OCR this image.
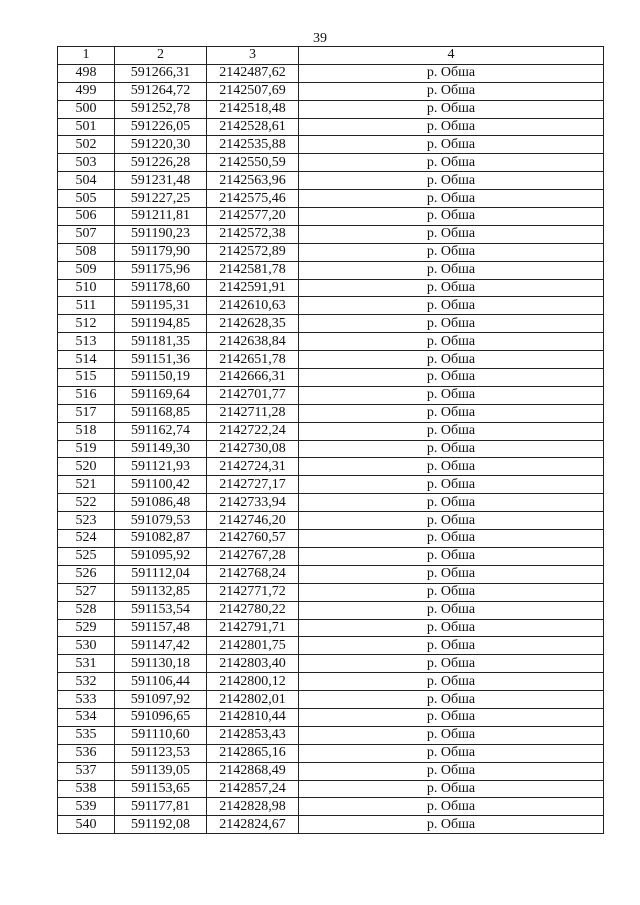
39
1	2	3	4
498	591266,31	2142487,62	р. Обша
499	591264,72	2142507,69	р. Обша
500	591252,78	2142518,48	р. Обша
501	591226,05	2142528,61	р. Обша
502	591220,30	2142535,88	р. Обша
503	591226,28	2142550,59	р. Обша
504	591231,48	2142563,96	р. Обша
505	591227,25	2142575,46	р. Обша
506	591211,81	2142577,20	р. Обша
507	591190,23	2142572,38	р. Обша
508	591179,90	2142572,89	р. Обша
509	591175,96	2142581,78	р. Обша
510	591178,60	2142591,91	р. Обша
511	591195,31	2142610,63	р. Обша
512	591194,85	2142628,35	р. Обша
513	591181,35	2142638,84	р. Обша
514	591151,36	2142651,78	р. Обша
515	591150,19	2142666,31	р. Обша
516	591169,64	2142701,77	р. Обша
517	591168,85	2142711,28	р. Обша
518	591162,74	2142722,24	р. Обша
519	591149,30	2142730,08	р. Обша
520	591121,93	2142724,31	р. Обша
521	591100,42	2142727,17	р. Обша
522	591086,48	2142733,94	р. Обша
523	591079,53	2142746,20	р. Обша
524	591082,87	2142760,57	р. Обша
525	591095,92	2142767,28	р. Обша
526	591112,04	2142768,24	р. Обша
527	591132,85	2142771,72	р. Обша
528	591153,54	2142780,22	р. Обша
529	591157,48	2142791,71	р. Обша
530	591147,42	2142801,75	р. Обша
531	591130,18	2142803,40	р. Обша
532	591106,44	2142800,12	р. Обша
533	591097,92	2142802,01	р. Обша
534	591096,65	2142810,44	р. Обша
535	591110,60	2142853,43	р. Обша
536	591123,53	2142865,16	р. Обша
537	591139,05	2142868,49	р. Обша
538	591153,65	2142857,24	р. Обша
539	591177,81	2142828,98	р. Обша
540	591192,08	2142824,67	р. Обша
